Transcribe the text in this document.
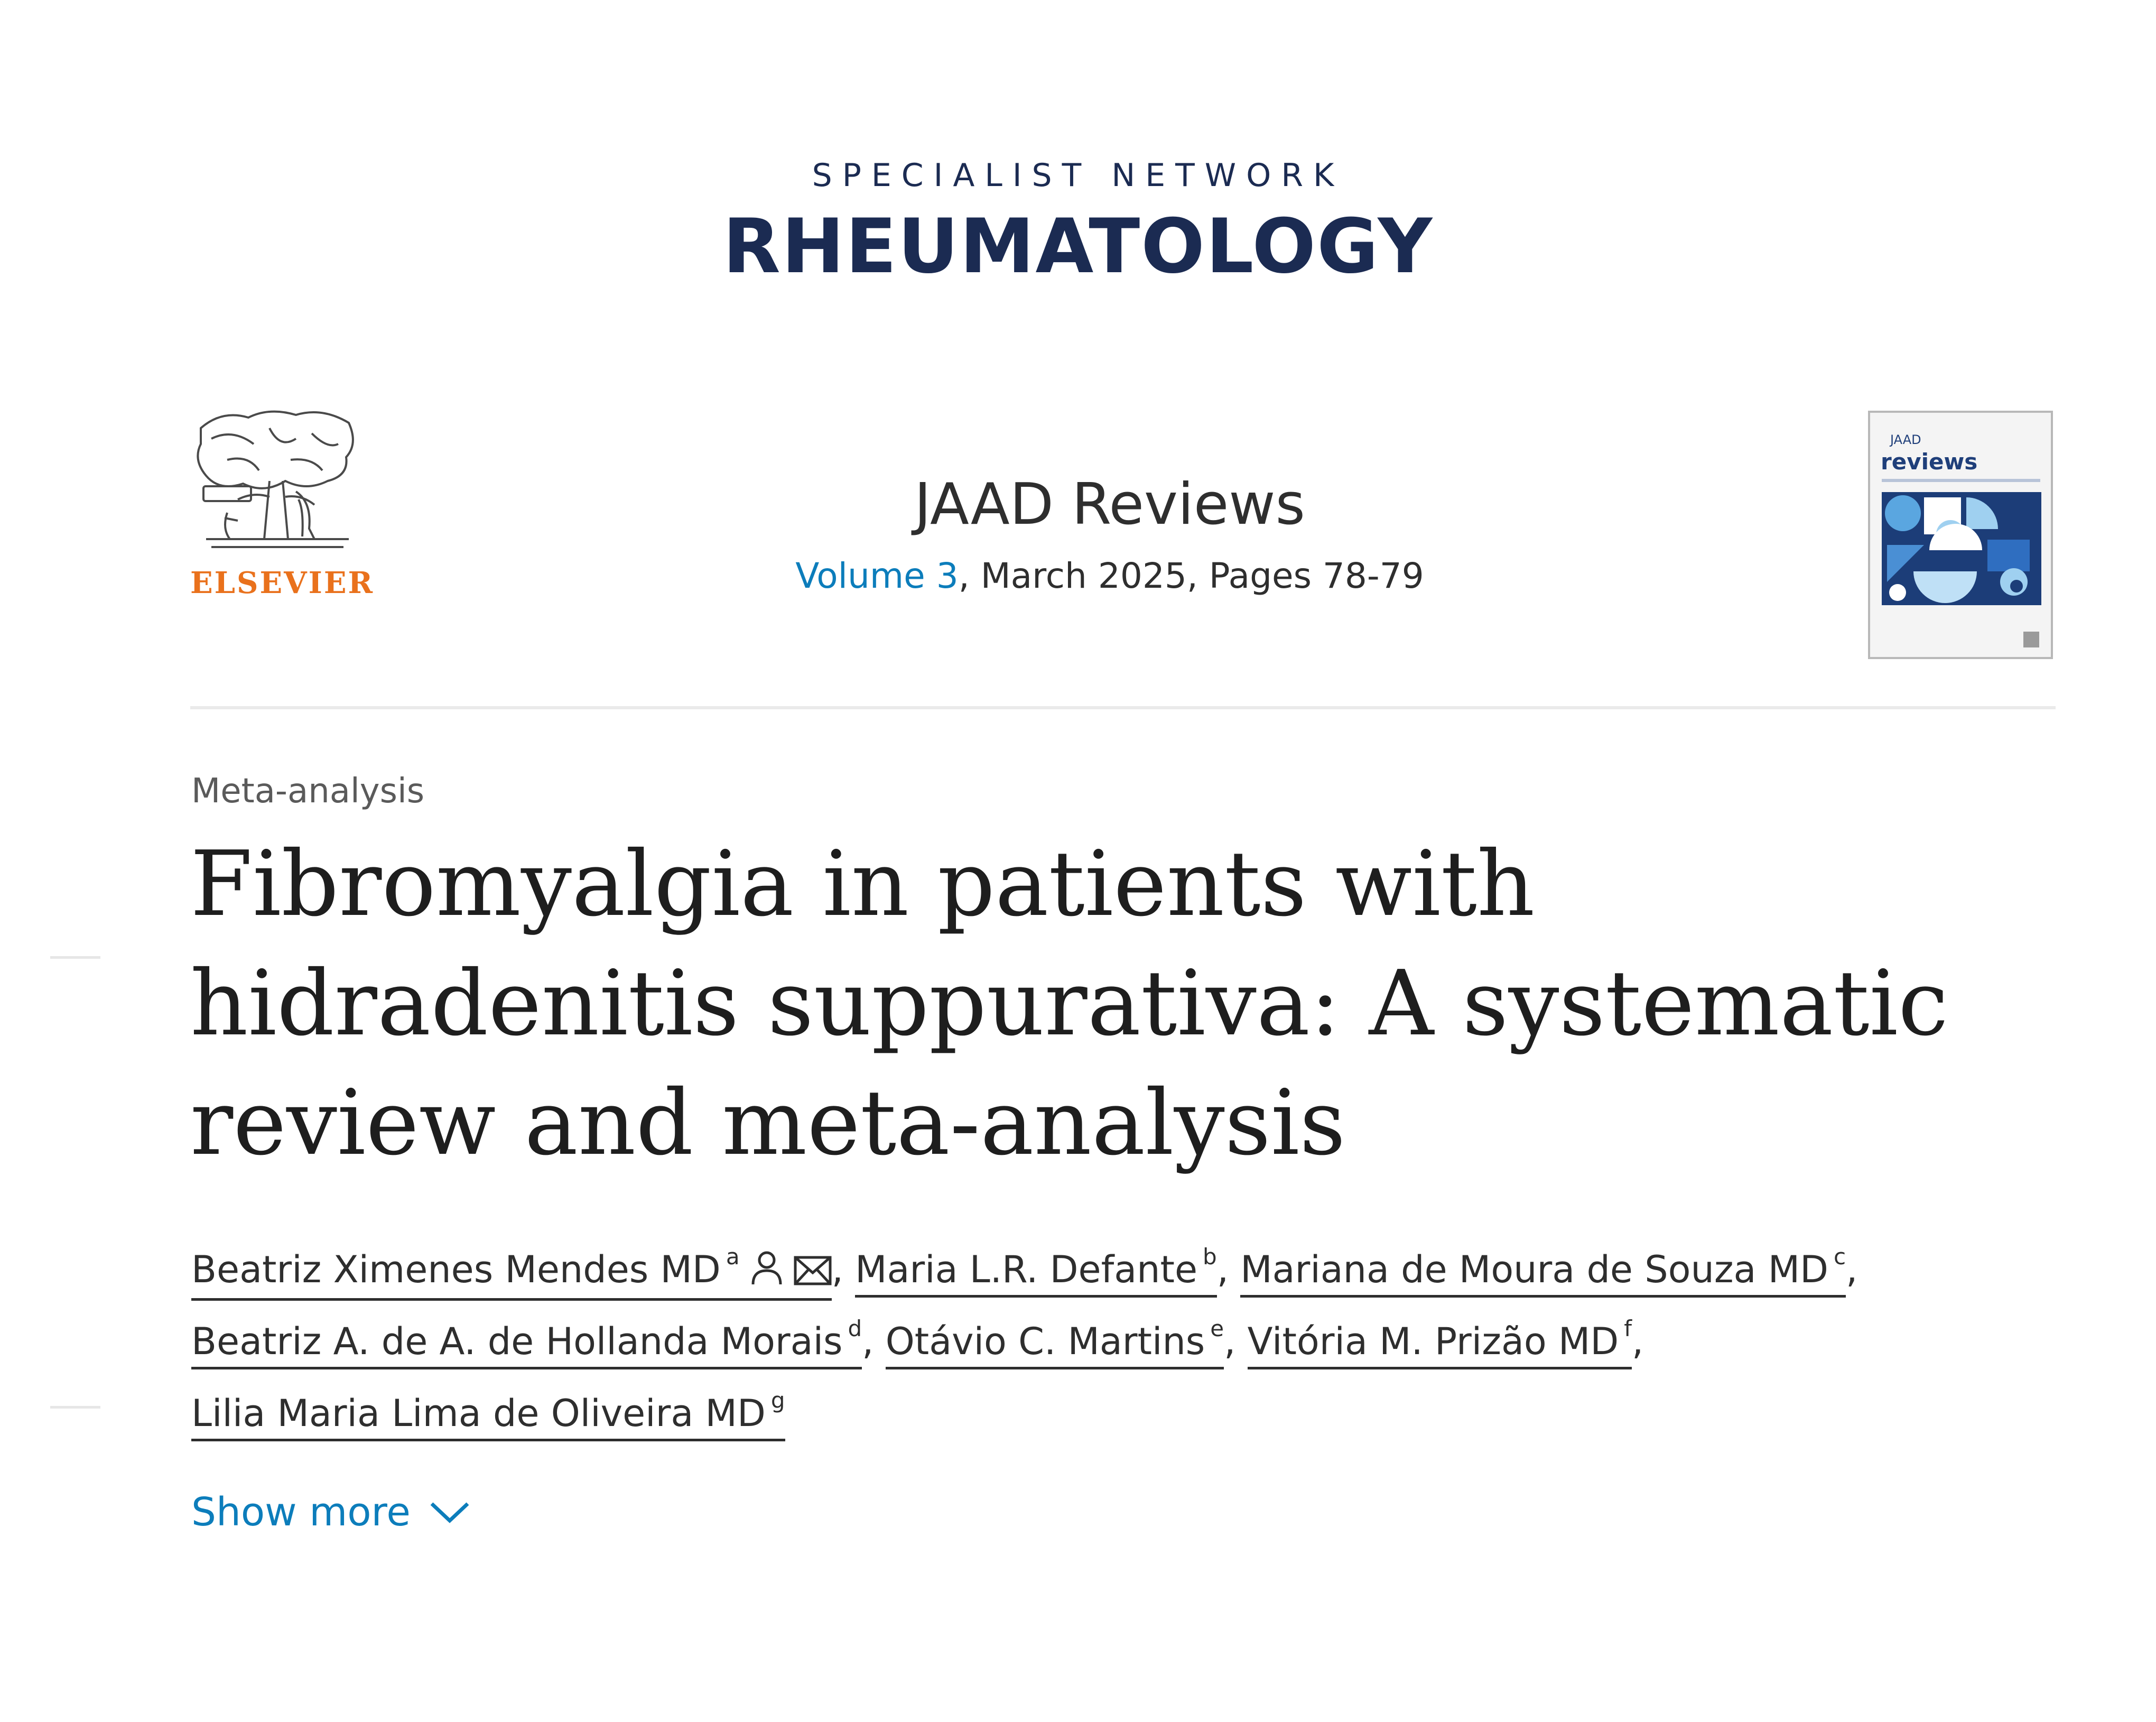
SPECIALIST NETWORK
RHEUMATOLOGY
ELSEVIER
JAAD Reviews
Volume 3, March 2025, Pages 78-79
JAAD
reviews
Meta-analysis
Fibromyalgia in patients with hidradenitis suppurativa: A systematic review and meta-analysis
Beatriz Ximenes Mendes MD $^a$ , Maria L.R. Defante $^b$, Mariana de Moura de Souza MD $^c$,
Beatriz A. de A. de Hollanda Morais $^d$, Otávio C. Martins $^e$, Vitória M. Prizão MD $^f$,
Lilia Maria Lima de Oliveira MD $^g$
Show more
